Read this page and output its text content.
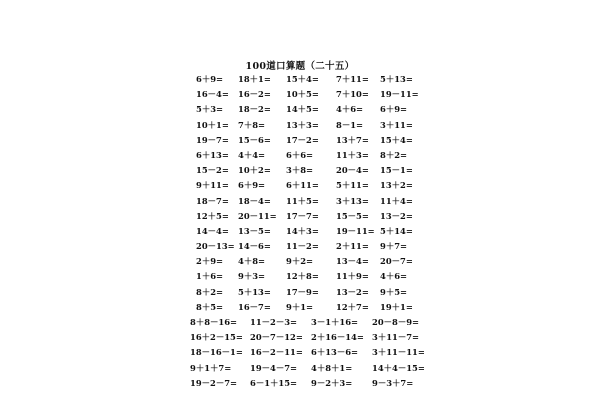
100道口算题（二十五）
6＋9= 18＋1= 15＋4= 7＋11= 5＋13=
16－4= 16－2= 10＋5= 7＋10= 19－11=
5＋3= 18－2= 14＋5= 4＋6= 6＋9=
10＋1= 7＋8= 13＋3= 8－1= 3＋11=
19－7= 15－6= 17－2= 13＋7= 15＋4=
6＋13= 4＋4= 6＋6=	11＋3= 8＋2=
15－2= 10＋2= 3＋8=	20－4= 15－1=
9＋11= 6＋9= 6＋11= 5＋11= 13＋2=
18－7= 18－4= 11＋5= 3＋13= 11＋4=
12＋5= 20－11= 17－7= 15－5= 13－2=
14－4= 13－5= 14＋3= 19－11= 5＋14=
20－13= 14－6= 11－2= 2＋11= 9＋7=
2＋9= 4＋8= 9＋2=	13－4= 20－7=
1＋6= 9＋3= 12＋8= 11＋9= 4＋6=
8＋2= 5＋13= 17－9= 13－2= 9＋5=
8＋5= 16－7= 9＋1=	12＋7= 19＋1=
8＋8－16= 11－2－3= 3－1＋16= 20－8－9=
16＋2－15= 20－7－12= 2＋16－14= 3＋11－7=
18－16－1= 16－2－11= 6＋13－6= 3＋11－11=
9＋1＋7= 19－4－7= 4＋8＋1= 14＋4－15=
19－2－7= 6－1＋15= 9－2＋3= 9－3＋7=
